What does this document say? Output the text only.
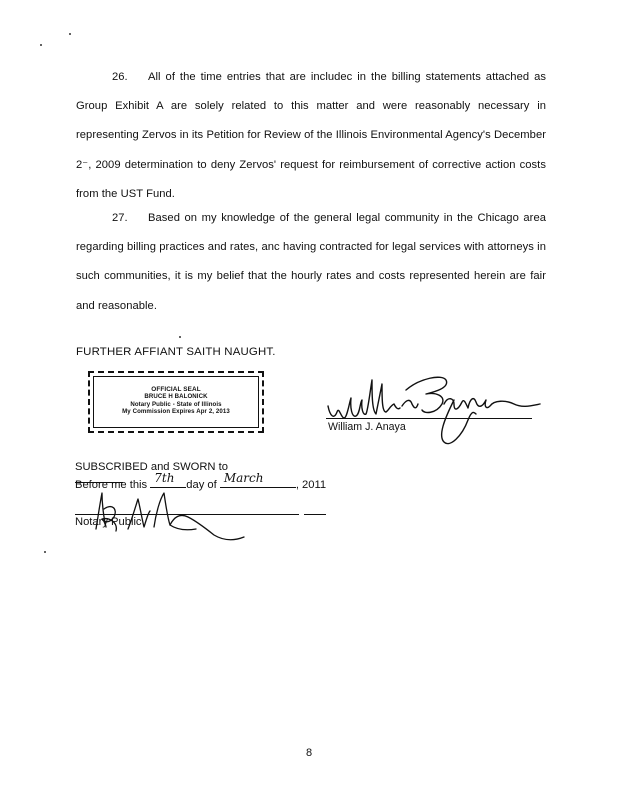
26. All of the time entries that are includec in the billing statements attached as Group Exhibit A are solely related to this matter and were reasonably necessary in representing Zervos in its Petition for Review of the Illinois Environmental Agency's December 2⁻, 2009 determination to deny Zervos' request for reimbursement of corrective action costs from the UST Fund.
27. Based on my knowledge of the general legal community in the Chicago area regarding billing practices and rates, anc having contracted for legal services with attorneys in such communities, it is my belief that the hourly rates and costs represented herein are fair and reasonable.
FURTHER AFFIANT SAITH NAUGHT.
OFFICIAL SEAL
BRUCE H BALONICK
Notary Public - State of Illinois
My Commission Expires Apr 2, 2013
William J. Anaya
SUBSCRIBED and SWORN to
Before me this 7th day of March	, 2011
Notary Public
8
